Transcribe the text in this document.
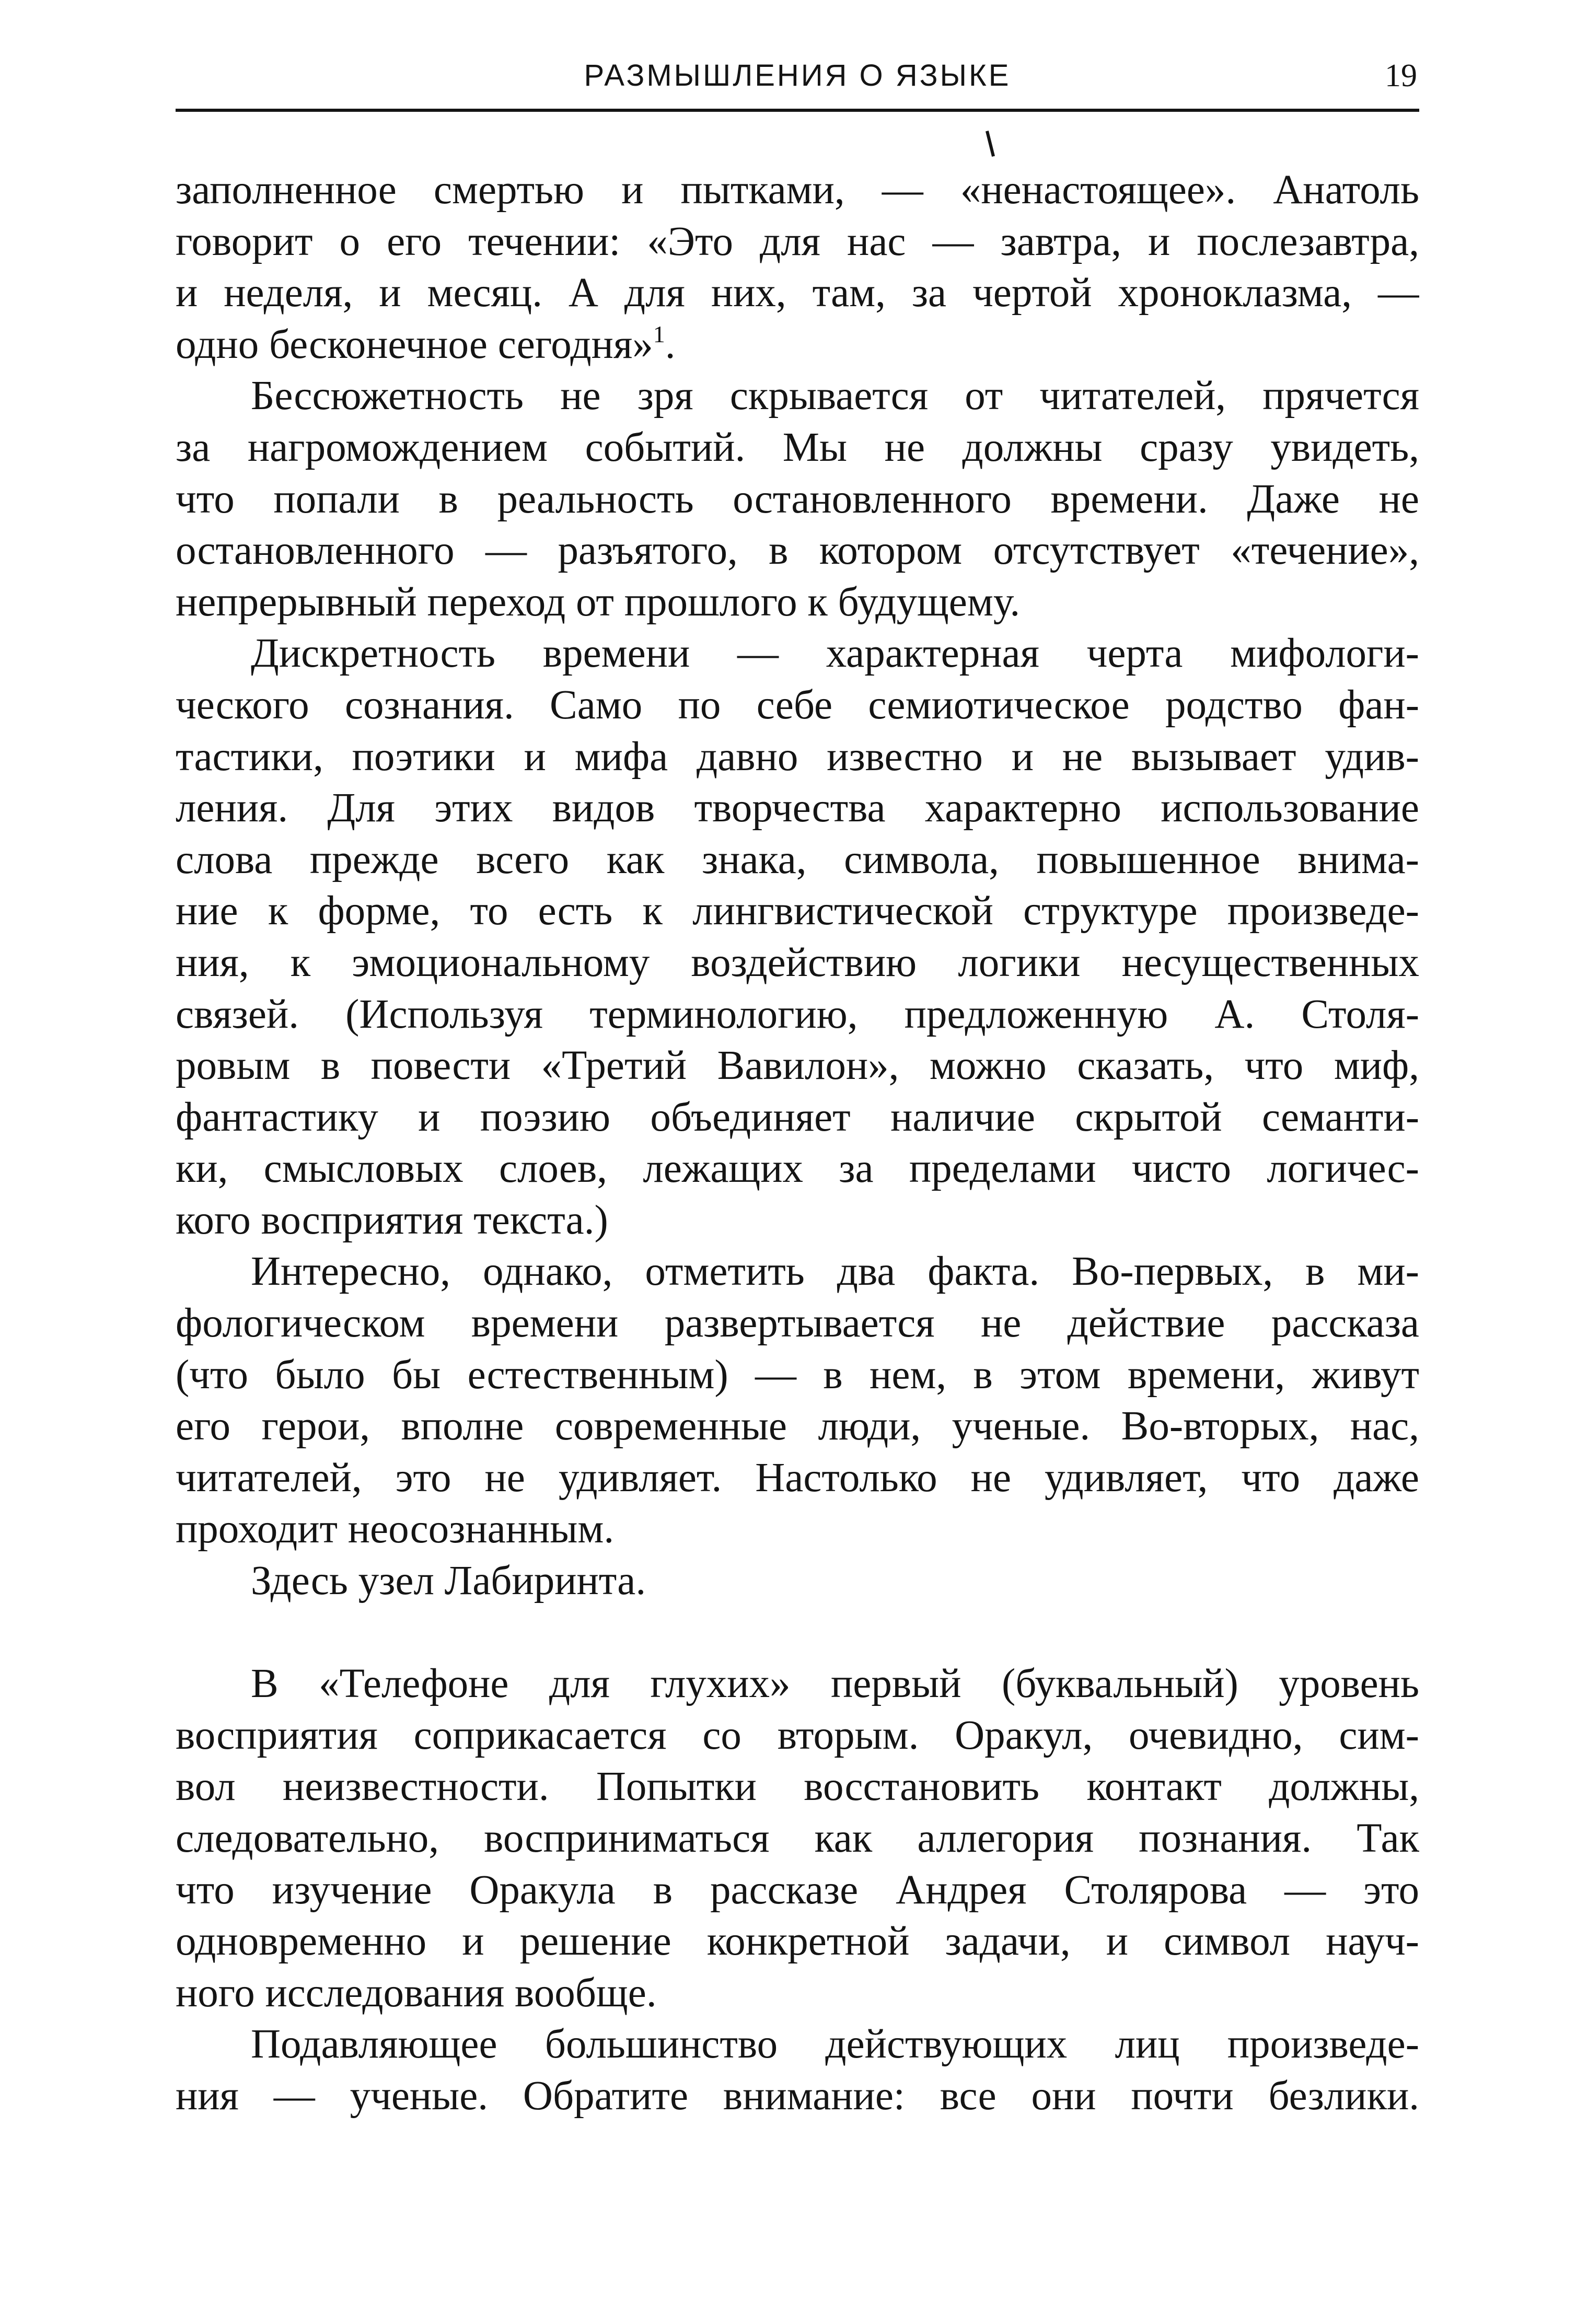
РАЗМЫШЛЕНИЯ О ЯЗЫКЕ	19
заполненное смертью и пытками, — «ненастоящее». Анатоль
говорит о его течении: «Это для нас — завтра, и послезавтра,
и неделя, и месяц. А для них, там, за чертой хроноклазма, —
одно бесконечное сегодня»$^1$.
Бессюжетность не зря скрывается от читателей, прячется
за нагромождением событий. Мы не должны сразу увидеть,
что попали в реальность остановленного времени. Даже не
остановленного — разъятого, в котором отсутствует «течение»,
непрерывный переход от прошлого к будущему.
Дискретность времени — характерная черта мифологи-
ческого сознания. Само по себе семиотическое родство фан-
тастики, поэтики и мифа давно известно и не вызывает удив-
ления. Для этих видов творчества характерно использование
слова прежде всего как знака, символа, повышенное внима-
ние к форме, то есть к лингвистической структуре произведе-
ния, к эмоциональному воздействию логики несущественных
связей. (Используя терминологию, предложенную А. Столя-
ровым в повести «Третий Вавилон», можно сказать, что миф,
фантастику и поэзию объединяет наличие скрытой семанти-
ки, смысловых слоев, лежащих за пределами чисто логичес-
кого восприятия текста.)
Интересно, однако, отметить два факта. Во-первых, в ми-
фологическом времени развертывается не действие рассказа
(что было бы естественным) — в нем, в этом времени, живут
его герои, вполне современные люди, ученые. Во-вторых, нас,
читателей, это не удивляет. Настолько не удивляет, что даже
проходит неосознанным.
Здесь узел Лабиринта.
В «Телефоне для глухих» первый (буквальный) уровень
восприятия соприкасается со вторым. Оракул, очевидно, сим-
вол неизвестности. Попытки восстановить контакт должны,
следовательно, восприниматься как аллегория познания. Так
что изучение Оракула в рассказе Андрея Столярова — это
одновременно и решение конкретной задачи, и символ науч-
ного исследования вообще.
Подавляющее большинство действующих лиц произведе-
ния — ученые. Обратите внимание: все они почти безлики.
